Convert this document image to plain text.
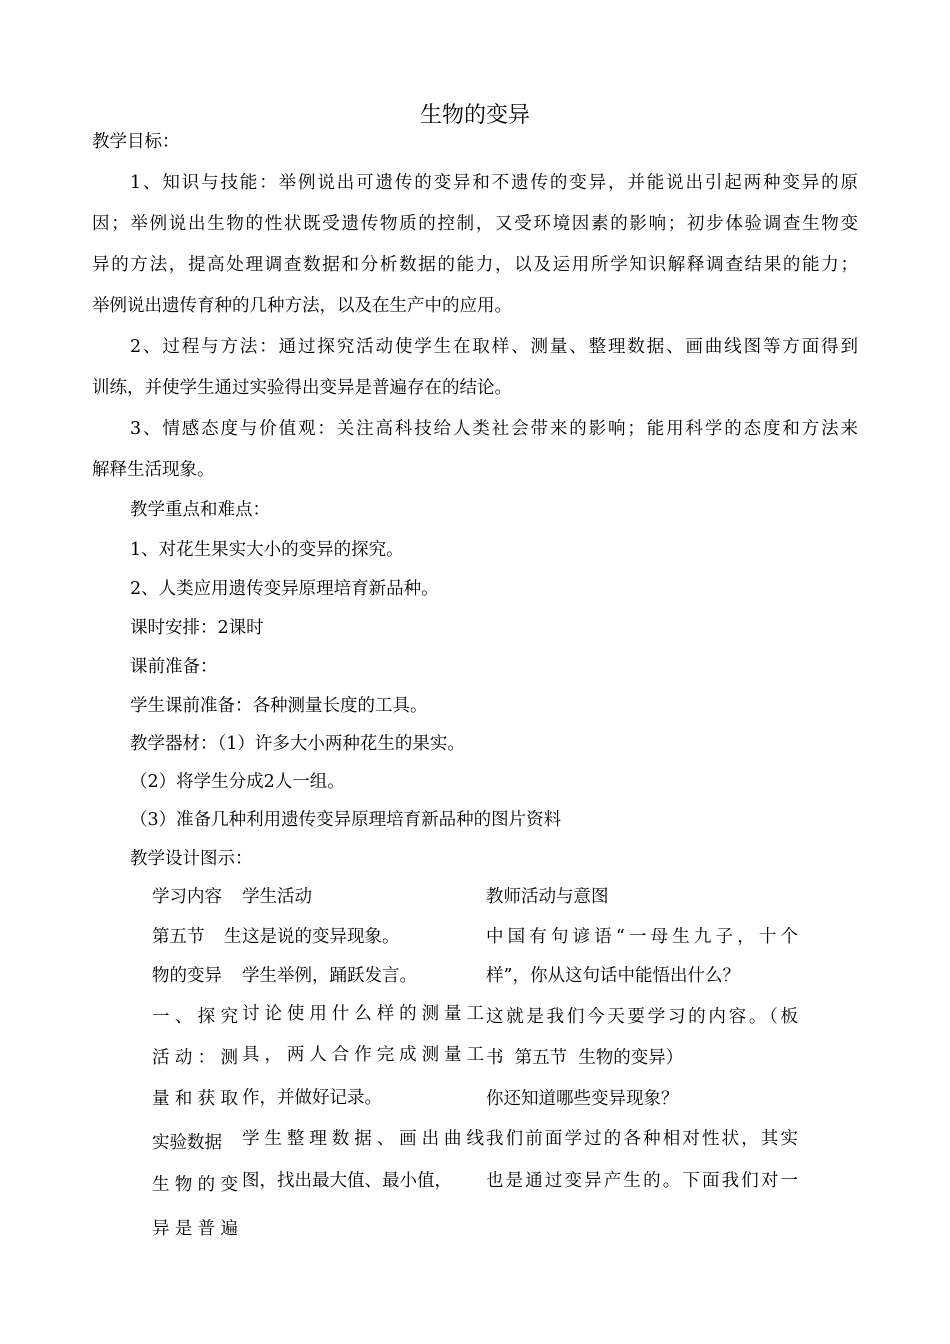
生物的变异
教学目标：
1、知识与技能：举例说出可遗传的变异和不遗传的变异，并能说出引起两种变异的原
因；举例说出生物的性状既受遗传物质的控制，又受环境因素的影响；初步体验调查生物变
异的方法，提高处理调查数据和分析数据的能力，以及运用所学知识解释调查结果的能力；
举例说出遗传育种的几种方法，以及在生产中的应用。
2、过程与方法：通过探究活动使学生在取样、测量、整理数据、画曲线图等方面得到
训练，并使学生通过实验得出变异是普遍存在的结论。
3、情感态度与价值观：关注高科技给人类社会带来的影响；能用科学的态度和方法来
解释生活现象。
教学重点和难点：
1、对花生果实大小的变异的探究。
2、人类应用遗传变异原理培育新品种。
课时安排：2课时
课前准备：
学生课前准备：各种测量长度的工具。
教学器材：（1）许多大小两种花生的果实。
（2）将学生分成2人一组。
（3）准备几种利用遗传变异原理培育新品种的图片资料
教学设计图示：
学习内容 学生活动	教师活动与意图
第五节 生
物的变异
一、探究
活动：测
量和获取
实验数据
生物的变
异是普遍
这是说的变异现象。
学生举例，踊跃发言。
讨论使用什么样的测量工
具，两人合作完成测量工
作，并做好记录。
学生整理数据、画出曲线
图，找出最大值、最小值，
中国有句谚语“一母生九子，十个
样”，你从这句话中能悟出什么？
这就是我们今天要学习的内容。（板
书  第五节  生物的变异）
你还知道哪些变异现象？
我们前面学过的各种相对性状，其实
也是通过变异产生的。下面我们对一
